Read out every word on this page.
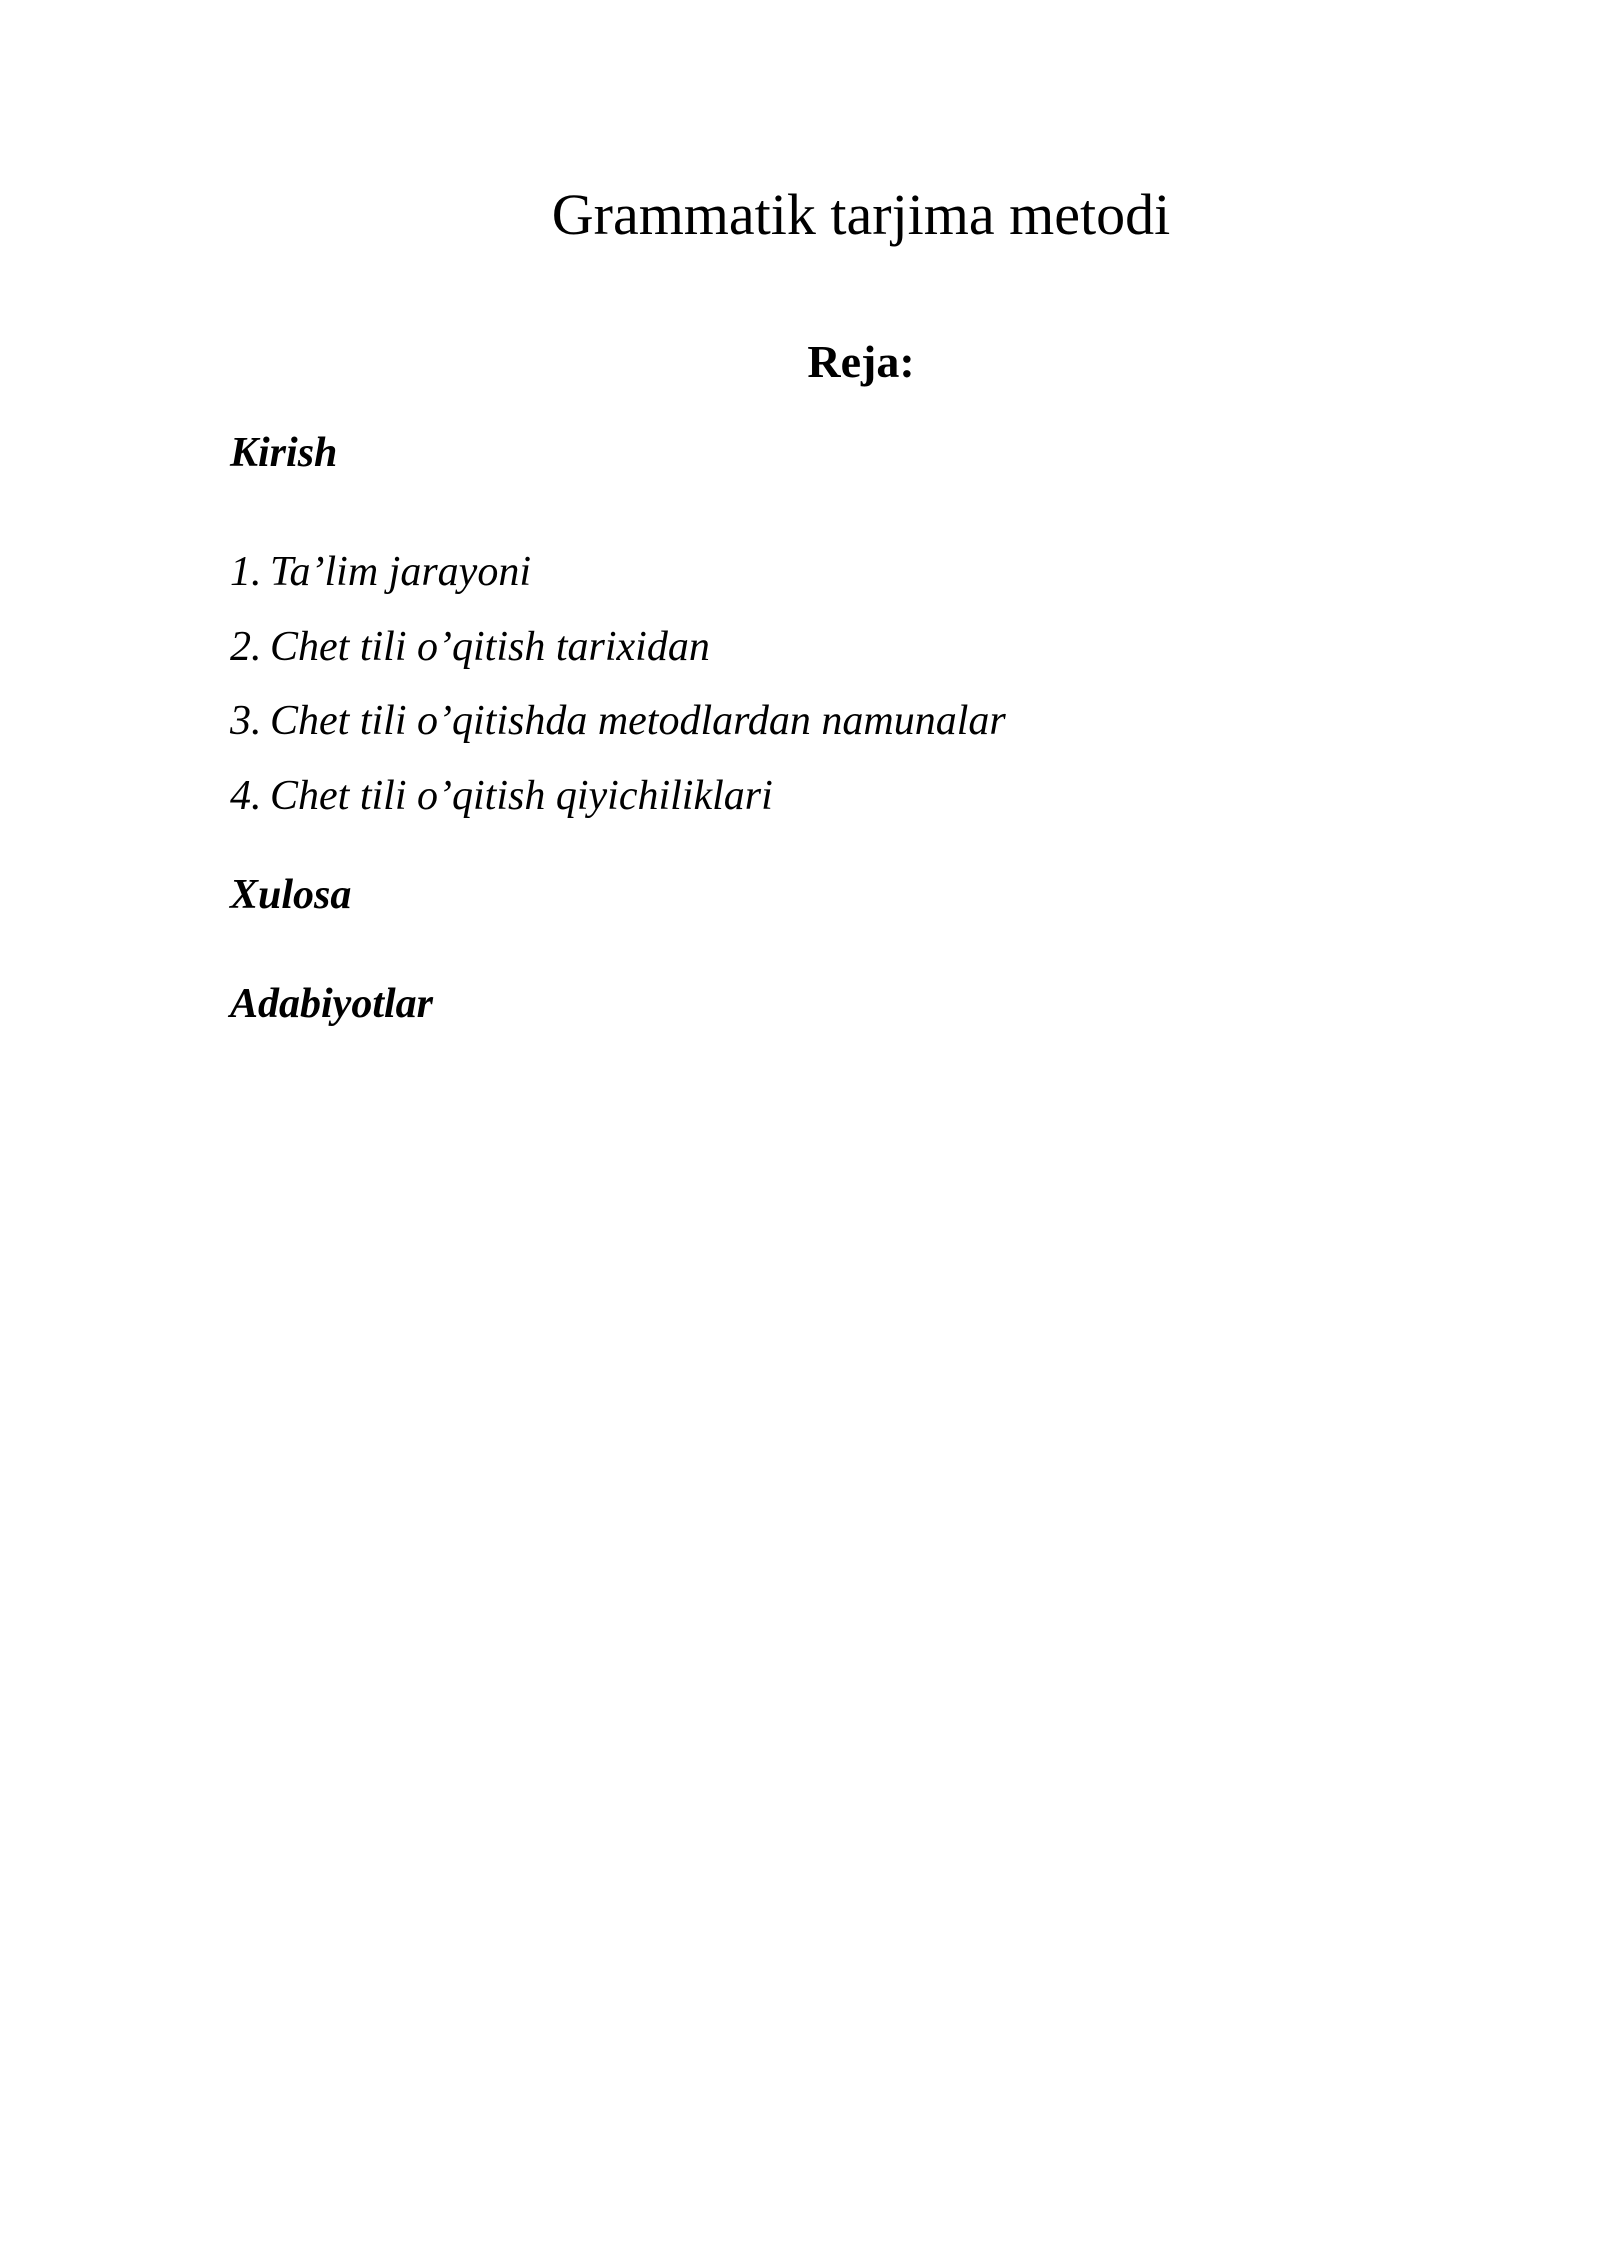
Grammatik tarjima metodi
Reja:
Kirish
1. Ta’lim jarayoni
2. Chet tili o’qitish tarixidan
3. Chet tili o’qitishda metodlardan namunalar
4. Chet tili o’qitish qiyichiliklari
Xulosa
Adabiyotlar
